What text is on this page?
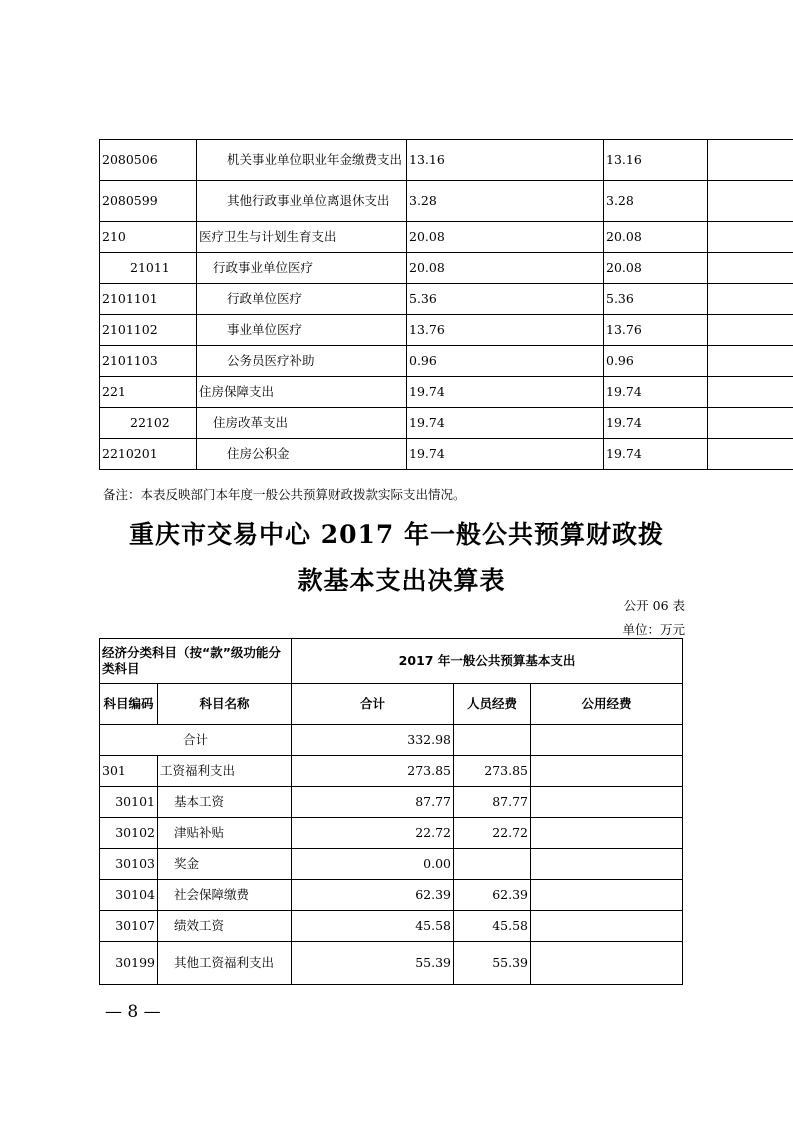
2080506	机关事业单位职业年金缴费支出	13.16	13.16	
2080599	其他行政事业单位离退休支出	3.28	3.28	
210	医疗卫生与计划生育支出	20.08	20.08	
21011	行政事业单位医疗	20.08	20.08	
2101101	行政单位医疗	5.36	5.36	
2101102	事业单位医疗	13.76	13.76	
2101103	公务员医疗补助	0.96	0.96	
221	住房保障支出	19.74	19.74	
22102	住房改革支出	19.74	19.74	
2210201	住房公积金	19.74	19.74	
备注：本表反映部门本年度一般公共预算财政拨款实际支出情况。
重庆市交易中心 2017 年一般公共预算财政拨
款基本支出决算表
公开 06 表
单位：万元
经济分类科目（按“款”级功能分类科目		2017 年一般公共预算基本支出		
科目编码	科目名称	合计	人员经费	公用经费
合计		332.98		
301	工资福利支出	273.85	273.85	
30101	基本工资	87.77	87.77	
30102	津贴补贴	22.72	22.72	
30103	奖金	0.00		
30104	社会保障缴费	62.39	62.39	
30107	绩效工资	45.58	45.58	
30199	其他工资福利支出	55.39	55.39	
— 8 —
